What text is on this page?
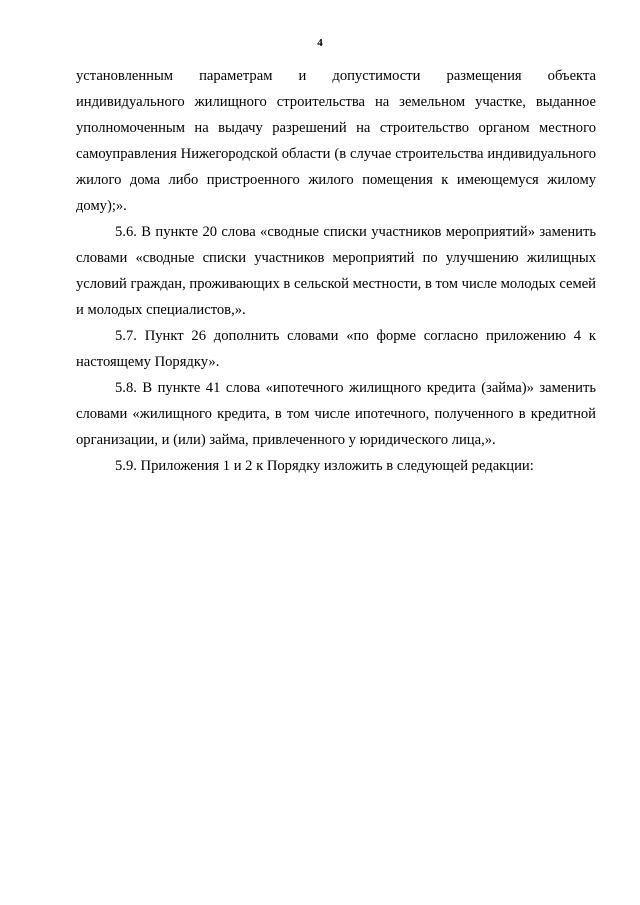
4

установленным параметрам и допустимости размещения объекта индивидуального жилищного строительства на земельном участке, выданное уполномоченным на выдачу разрешений на строительство органом местного самоуправления Нижегородской области (в случае строительства индивидуального жилого дома либо пристроенного жилого помещения к имеющемуся жилому дому);».

5.6. В пункте 20 слова «сводные списки участников мероприятий» заменить словами «сводные списки участников мероприятий по улучшению жилищных условий граждан, проживающих в сельской местности, в том числе молодых семей и молодых специалистов,».

5.7. Пункт 26 дополнить словами «по форме согласно приложению 4 к настоящему Порядку».

5.8. В пункте 41 слова «ипотечного жилищного кредита (займа)» заменить словами «жилищного кредита, в том числе ипотечного, полученного в кредитной организации, и (или) займа, привлеченного у юридического лица,».

5.9. Приложения 1 и 2 к Порядку изложить в следующей редакции:
